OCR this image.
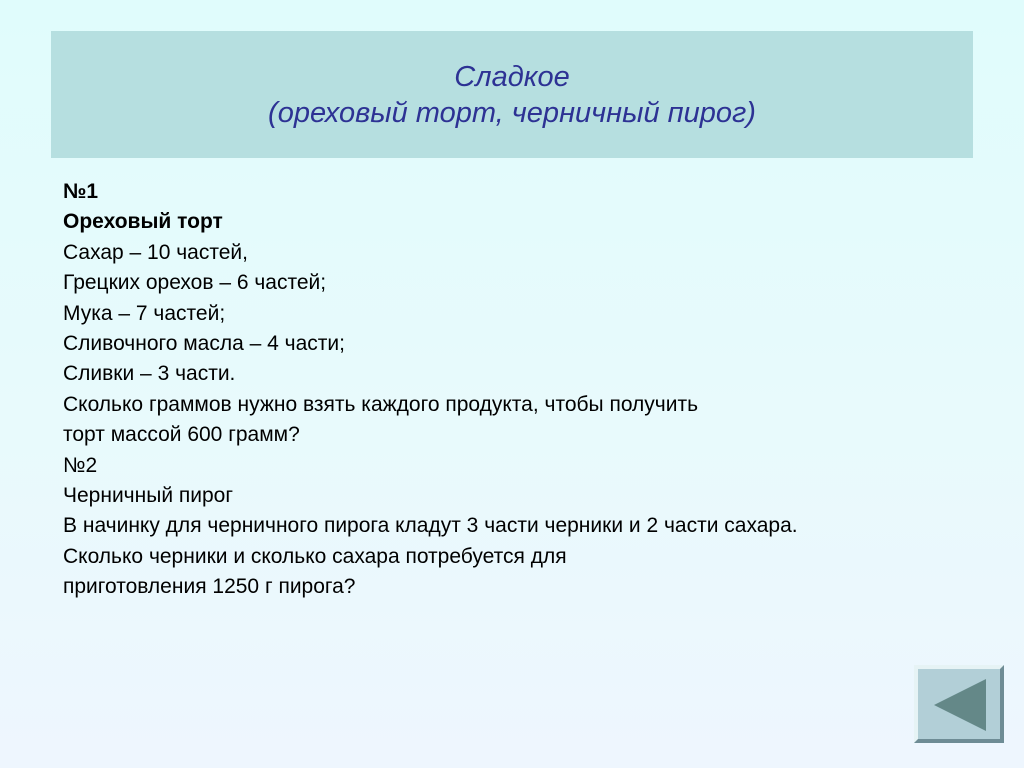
Сладкое
(ореховый торт, черничный пирог)
№1
Ореховый торт
Сахар – 10 частей,
Грецких орехов – 6 частей;
Мука – 7 частей;
Сливочного масла – 4 части;
Сливки – 3 части.
Сколько граммов нужно взять каждого продукта, чтобы получить
торт массой 600 грамм?
№2
Черничный пирог
В начинку для черничного пирога кладут 3 части черники и 2 части сахара.
Сколько черники и сколько сахара потребуется для
приготовления 1250 г пирога?
